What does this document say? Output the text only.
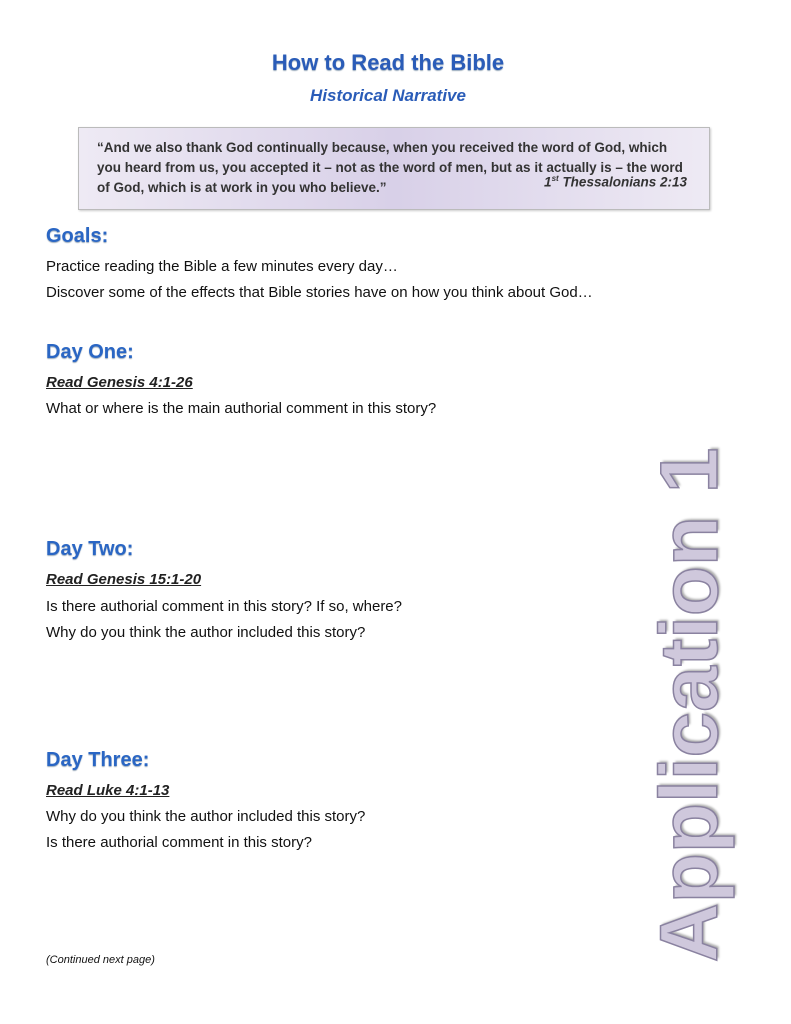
How to Read the Bible
Historical Narrative
“And we also thank God continually because, when you received the word of God, which you heard from us, you accepted it – not as the word of men, but as it actually is – the word of God, which is at work in you who believe.”	1st Thessalonians 2:13
Goals:
Practice reading the Bible a few minutes every day…
Discover some of the effects that Bible stories have on how you think about God…
Day One:
Read Genesis 4:1-26
What or where is the main authorial comment in this story?
Day Two:
Read Genesis 15:1-20
Is there authorial comment in this story? If so, where?
Why do you think the author included this story?
Day Three:
Read Luke 4:1-13
Why do you think the author included this story?
Is there authorial comment in this story?	Application 1
(Continued next page)
